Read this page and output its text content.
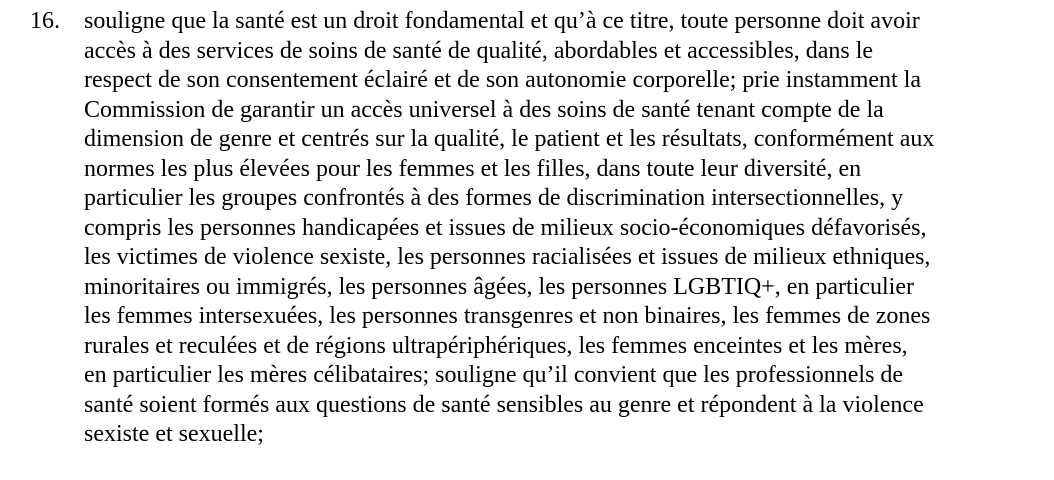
16.	souligne que la santé est un droit fondamental et qu’à ce titre, toute personne doit avoir
accès à des services de soins de santé de qualité, abordables et accessibles, dans le
respect de son consentement éclairé et de son autonomie corporelle; prie instamment la
Commission de garantir un accès universel à des soins de santé tenant compte de la
dimension de genre et centrés sur la qualité, le patient et les résultats, conformément aux
normes les plus élevées pour les femmes et les filles, dans toute leur diversité, en
particulier les groupes confrontés à des formes de discrimination intersectionnelles, y
compris les personnes handicapées et issues de milieux socio-économiques défavorisés,
les victimes de violence sexiste, les personnes racialisées et issues de milieux ethniques,
minoritaires ou immigrés, les personnes âgées, les personnes LGBTIQ+, en particulier
les femmes intersexuées, les personnes transgenres et non binaires, les femmes de zones
rurales et reculées et de régions ultrapériphériques, les femmes enceintes et les mères,
en particulier les mères célibataires; souligne qu’il convient que les professionnels de
santé soient formés aux questions de santé sensibles au genre et répondent à la violence
sexiste et sexuelle;
